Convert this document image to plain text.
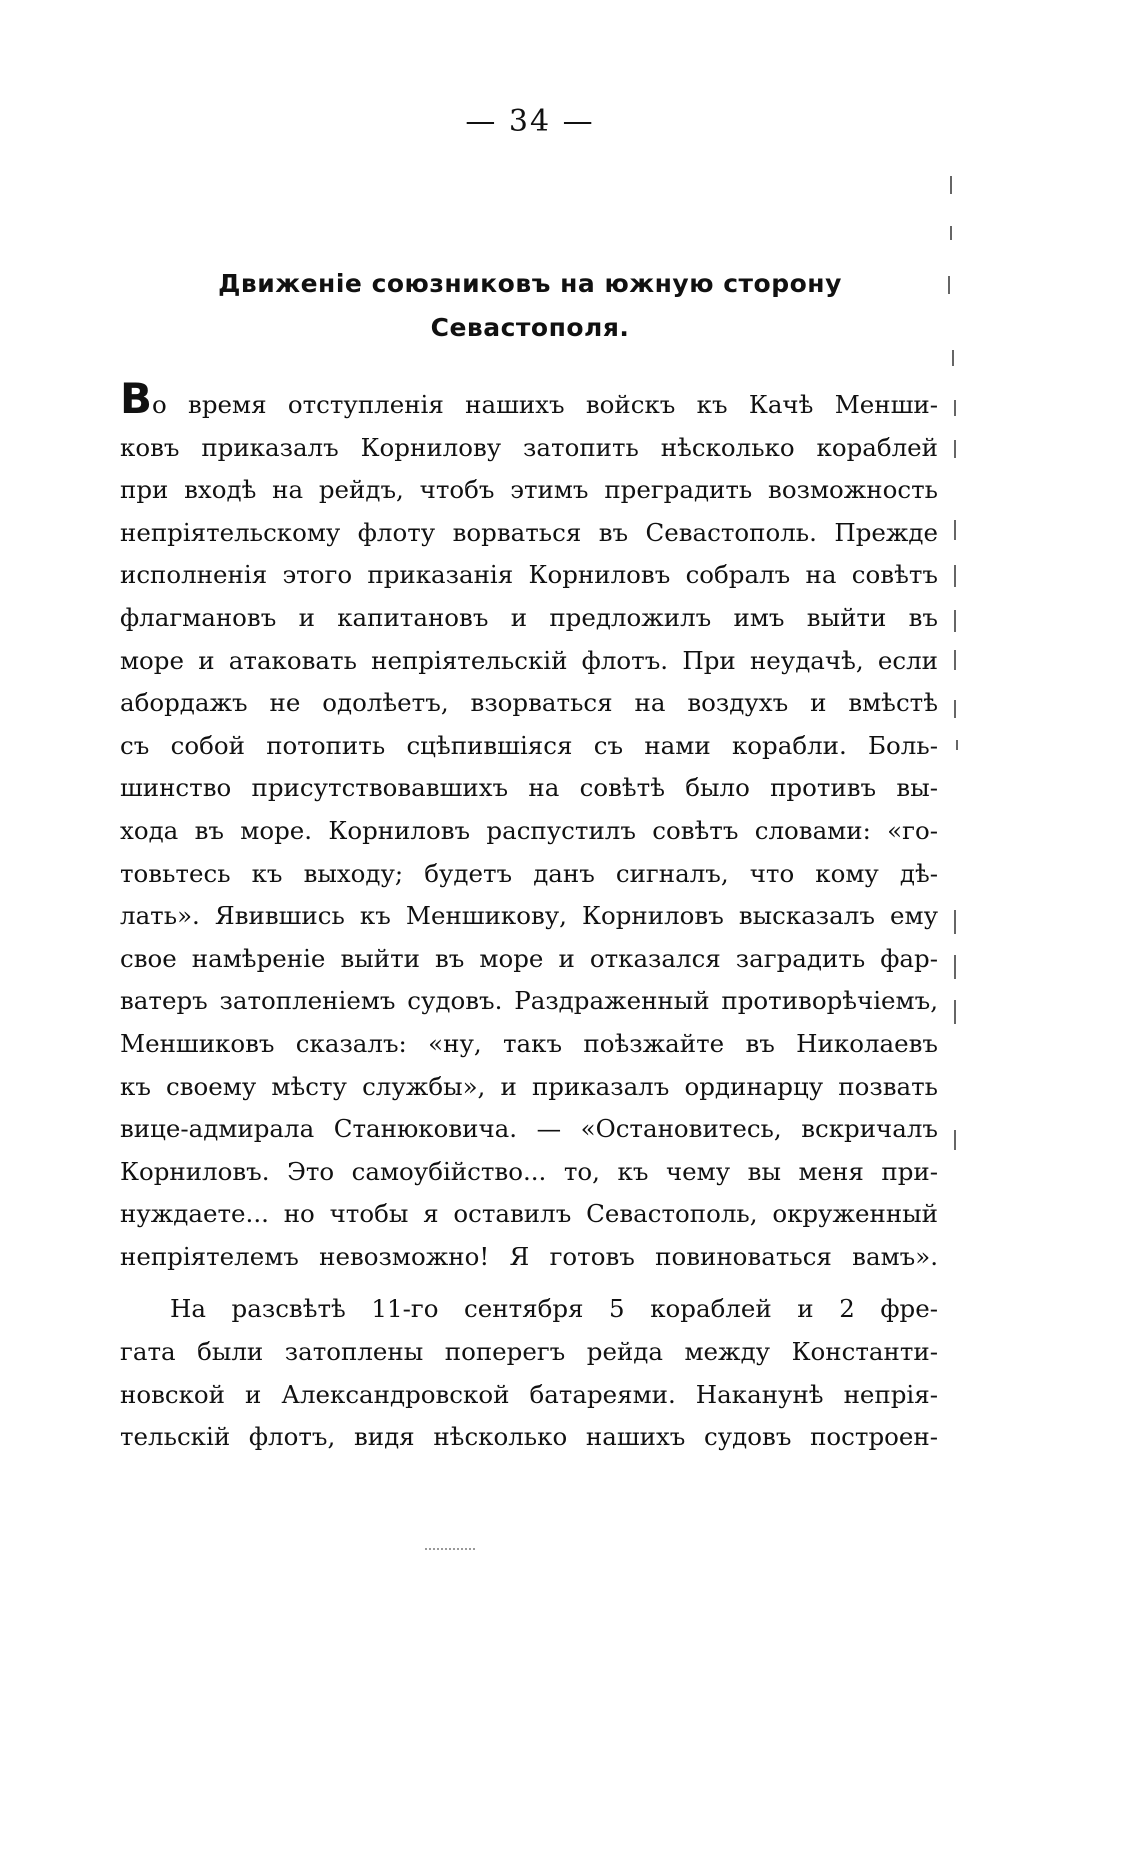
— 34 —
Движенiе союзниковъ на южную сторону
Севастополя.
Во время отступленiя нашихъ войскъ къ Качѣ Менши-
ковъ приказалъ Корнилову затопить нѣсколько кораблей
при входѣ на рейдъ, чтобъ этимъ преградить возможность
непрiятельскому флоту ворваться въ Севастополь. Прежде
исполненiя этого приказанiя Корниловъ собралъ на совѣтъ
флагмановъ и капитановъ и предложилъ имъ выйти въ
море и атаковать непрiятельскiй флотъ. При неудачѣ, если
абордажъ не одолѣетъ, взорваться на воздухъ и вмѣстѣ
съ собой потопить сцѣпившiяся съ нами корабли. Боль-
шинство присутствовавшихъ на совѣтѣ было противъ вы-
хода въ море. Корниловъ распустилъ совѣтъ словами: «го-
товьтесь къ выходу; будетъ данъ сигналъ, что кому дѣ-
лать». Явившись къ Меншикову, Корниловъ высказалъ ему
свое намѣренiе выйти въ море и отказался заградить фар-
ватеръ затопленiемъ судовъ. Раздраженный противорѣчiемъ,
Меншиковъ сказалъ: «ну, такъ поѣзжайте въ Николаевъ
къ своему мѣсту службы», и приказалъ ординарцу позвать
вице-адмирала Станюковича. — «Остановитесь, вскричалъ
Корниловъ. Это самоубiйство... то, къ чему вы меня при-
нуждаете... но чтобы я оставилъ Севастополь, окруженный
непрiятелемъ невозможно! Я готовъ повиноваться вамъ».
На разсвѣтѣ 11-го сентября 5 кораблей и 2 фре-
гата были затоплены поперегъ рейда между Константи-
новской и Александровской батареями. Наканунѣ непрiя-
тельскiй флотъ, видя нѣсколько нашихъ судовъ построен-
